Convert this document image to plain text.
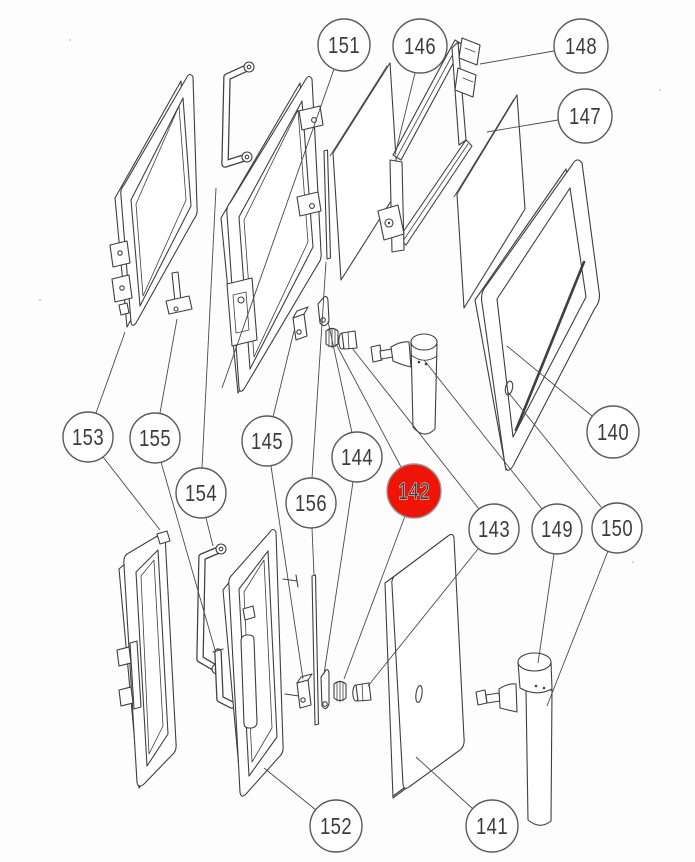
151 146	148
147
153 155
154
145
156
144
142
143 149 150
140
152	141
